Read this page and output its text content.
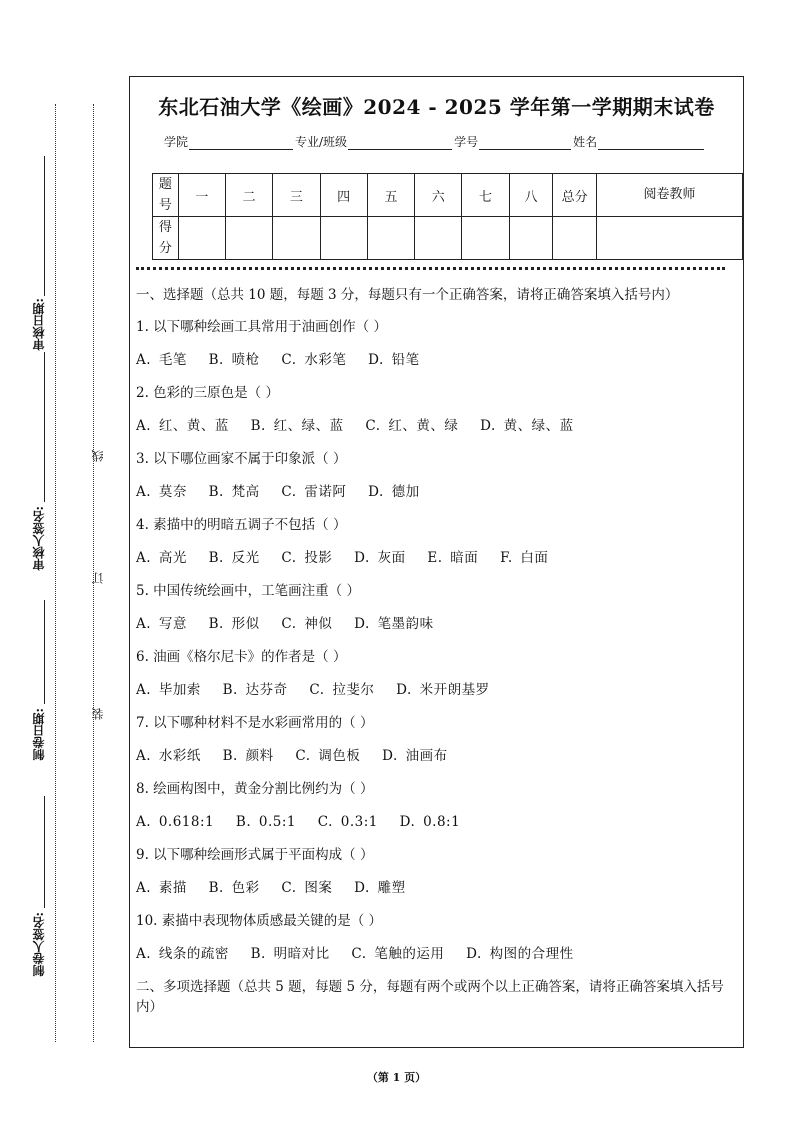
审核日期:
审核人签名:
制卷日期:
制卷人签名:
线
订
装
东北石油大学《绘画》2024 - 2025 学年第一学期期末试卷
学院	专业/班级	学号	姓名
题号	一	二	三	四	五	六	七	八	总分	阅卷教师
得分										

一、选择题（总共 10 题，每题 3 分，每题只有一个正确答案，请将正确答案填入括号内）

1. 以下哪种绘画工具常用于油画创作（ ）

A. 毛笔　 B. 喷枪　 C. 水彩笔　 D. 铅笔

2. 色彩的三原色是（ ）

A. 红、黄、蓝　 B. 红、绿、蓝　 C. 红、黄、绿　 D. 黄、绿、蓝

3. 以下哪位画家不属于印象派（ ）

A. 莫奈　 B. 梵高　 C. 雷诺阿　 D. 德加

4. 素描中的明暗五调子不包括（ ）

A. 高光　 B. 反光　 C. 投影　 D. 灰面　 E. 暗面　 F. 白面

5. 中国传统绘画中，工笔画注重（ ）

A. 写意　 B. 形似　 C. 神似　 D. 笔墨韵味

6. 油画《格尔尼卡》的作者是（ ）

A. 毕加索　 B. 达芬奇　 C. 拉斐尔　 D. 米开朗基罗

7. 以下哪种材料不是水彩画常用的（ ）

A. 水彩纸　 B. 颜料　 C. 调色板　 D. 油画布

8. 绘画构图中，黄金分割比例约为（ ）

A. 0.618:1　 B. 0.5:1　 C. 0.3:1　 D. 0.8:1

9. 以下哪种绘画形式属于平面构成（ ）

A. 素描　 B. 色彩　 C. 图案　 D. 雕塑

10. 素描中表现物体质感最关键的是（ ）

A. 线条的疏密　 B. 明暗对比　 C. 笔触的运用　 D. 构图的合理性

二、多项选择题（总共 5 题，每题 5 分，每题有两个或两个以上正确答案，请将正确答案填入括号内）

（第 1 页）
